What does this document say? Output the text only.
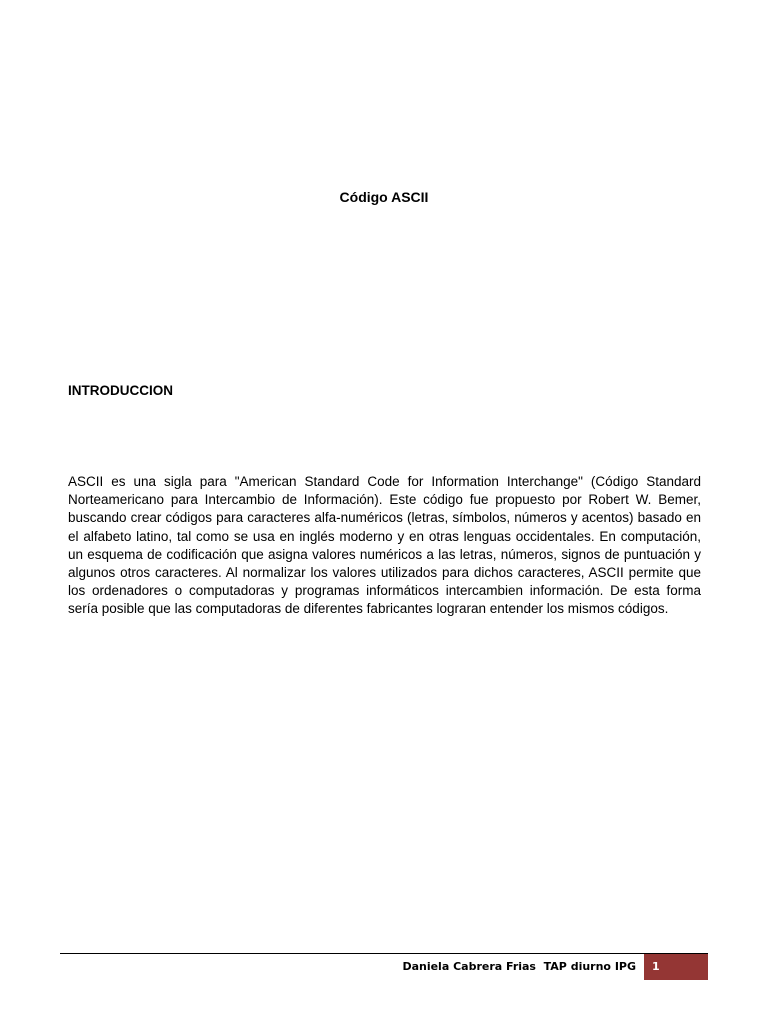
Código ASCII
INTRODUCCION

ASCII es una sigla para "American Standard Code for Information Interchange" (Código Standard Norteamericano para Intercambio de Información). Este código fue propuesto por Robert W. Bemer, buscando crear códigos para caracteres alfa-numéricos (letras, símbolos, números y acentos) basado en el alfabeto latino, tal como se usa en inglés moderno y en otras lenguas occidentales. En computación, un esquema de codificación que asigna valores numéricos a las letras, números, signos de puntuación y algunos otros caracteres. Al normalizar los valores utilizados para dichos caracteres, ASCII permite que los ordenadores o computadoras y programas informáticos intercambien información. De esta forma sería posible que las computadoras de diferentes fabricantes lograran entender los mismos códigos.

Daniela Cabrera Frias  TAP diurno IPG 1
